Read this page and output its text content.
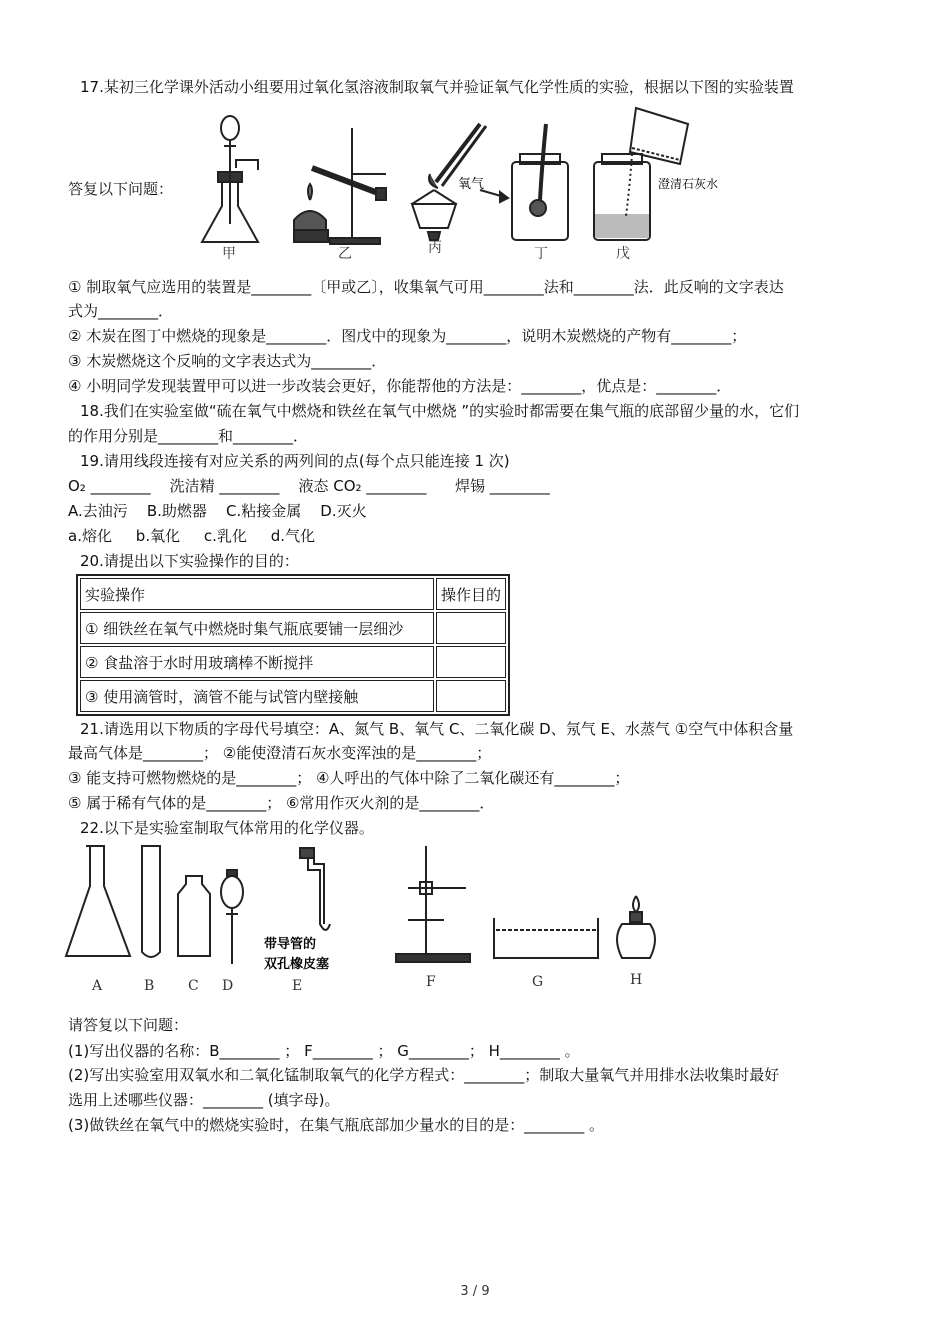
17.某初三化学课外活动小组要用过氧化氢溶液制取氧气并验证氧气化学性质的实验，根据以下图的实验装置
甲	乙	丙
氧气
丁
澄清石灰水
戊
答复以下问题：
① 制取氧气应选用的装置是________〔甲或乙〕，收集氧气可用________法和________法．此反响的文字表达
式为________．
② 木炭在图丁中燃烧的现象是________．图戊中的现象为________，说明木炭燃烧的产物有________；
③ 木炭燃烧这个反响的文字表达式为________．
④ 小明同学发现装置甲可以进一步改装会更好，你能帮他的方法是：________，优点是：________．
18.我们在实验室做“硫在氧气中燃烧和铁丝在氧气中燃烧 ”的实验时都需要在集气瓶的底部留少量的水，它们
的作用分别是________和________．
19.请用线段连接有对应关系的两列间的点(每个点只能连接 1 次)
O₂ ________    洗洁精 ________    液态 CO₂ ________      焊锡 ________
A.去油污    B.助燃器    C.粘接金属    D.灭火
a.熔化     b.氧化     c.乳化     d.气化
20.请提出以下实验操作的目的：
实验操作	操作目的
① 细铁丝在氧气中燃烧时集气瓶底要铺一层细沙	
② 食盐溶于水时用玻璃棒不断搅拌	
③ 使用滴管时，滴管不能与试管内壁接触	
21.请选用以下物质的字母代号填空：A、氮气 B、氧气 C、二氧化碳 D、氖气 E、水蒸气 ①空气中体积含量
最高气体是________； ②能使澄清石灰水变浑浊的是________；
③ 能支持可燃物燃烧的是________； ④人呼出的气体中除了二氧化碳还有________；
⑤ 属于稀有气体的是________； ⑥常用作灭火剂的是________．
22.以下是实验室制取气体常用的化学仪器。
带导管的
双孔橡皮塞
A	B C D	E	F	G	H
请答复以下问题：
(1)写出仪器的名称：B________ ； F________ ； G________； H________ 。
(2)写出实验室用双氧水和二氧化锰制取氧气的化学方程式：________；制取大量氧气并用排水法收集时最好
选用上述哪些仪器：________ (填字母)。
(3)做铁丝在氧气中的燃烧实验时，在集气瓶底部加少量水的目的是：________ 。
3 / 9
